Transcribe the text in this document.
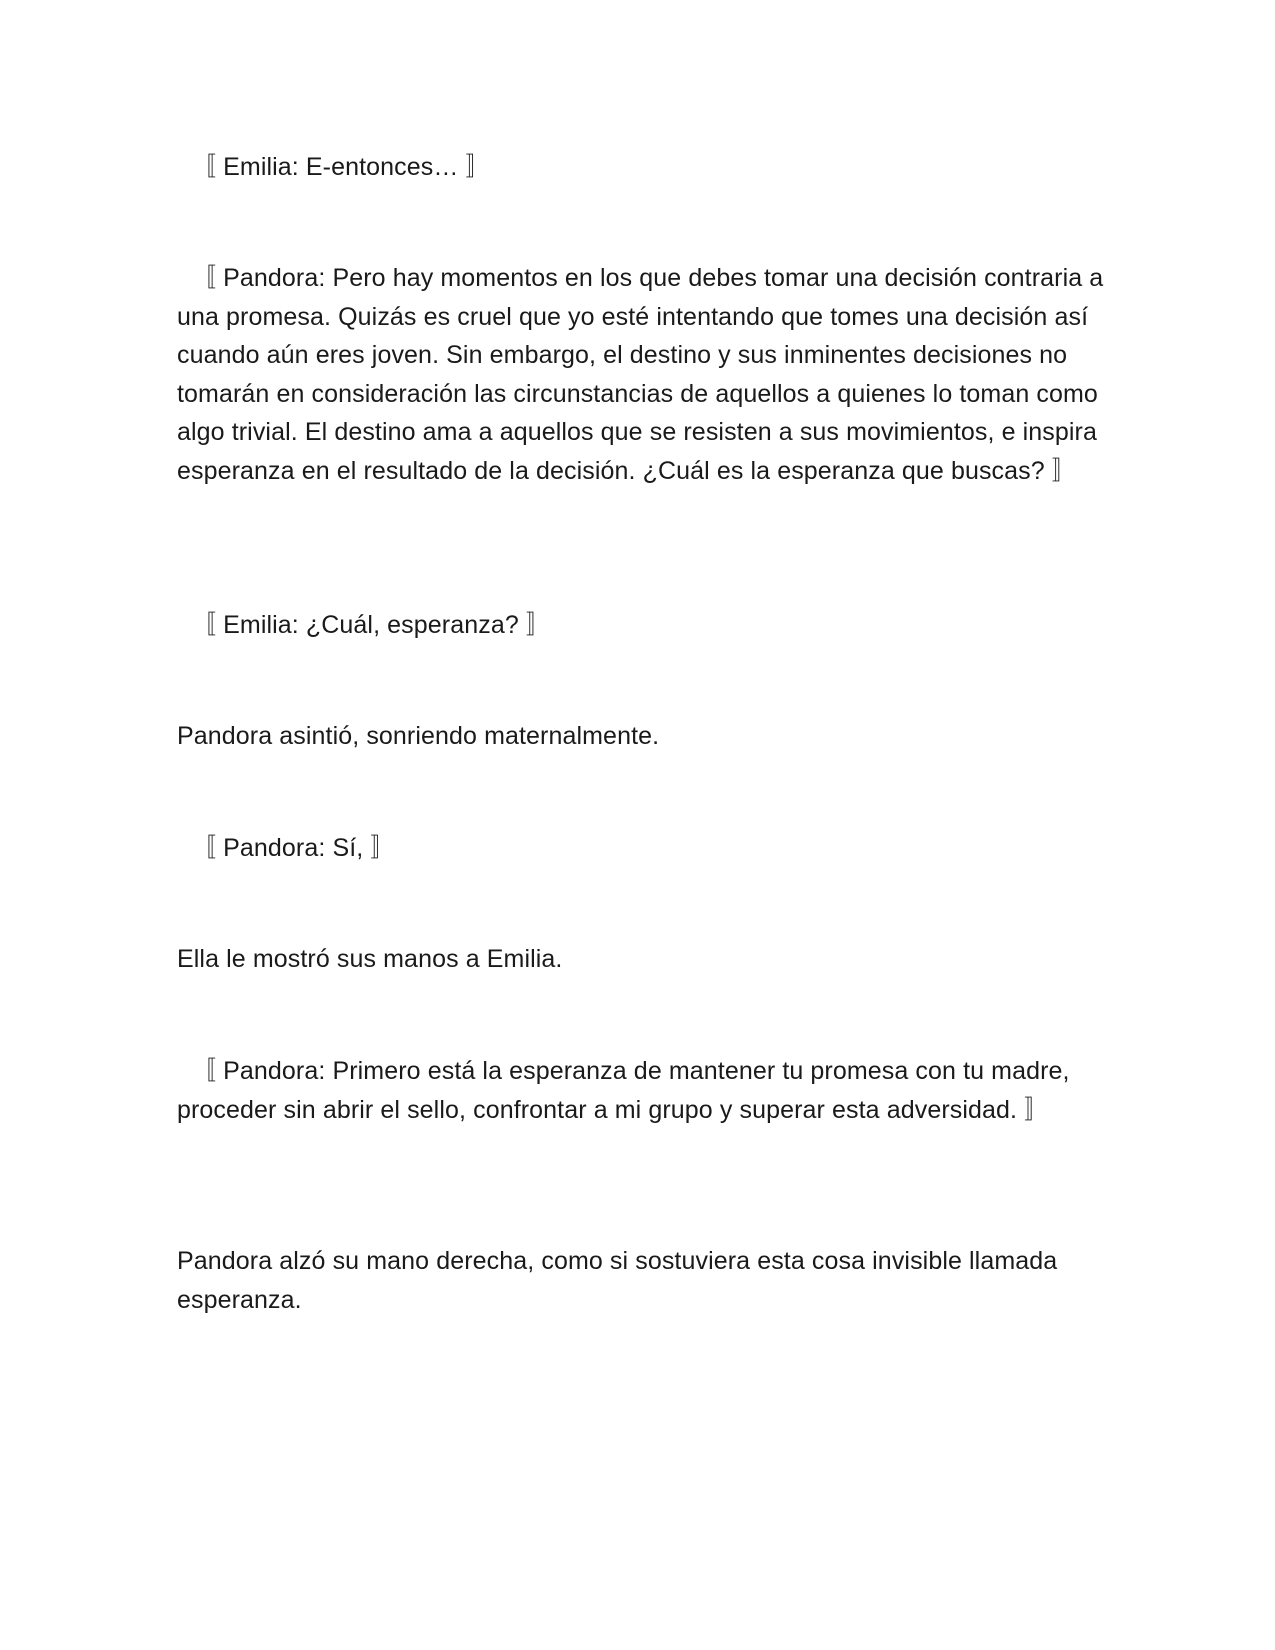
〚 Emilia: E-entonces… 〛

〚 Pandora: Pero hay momentos en los que debes tomar una decisión contraria a una promesa. Quizás es cruel que yo esté intentando que tomes una decisión así cuando aún eres joven. Sin embargo, el destino y sus inminentes decisiones no tomarán en consideración las circunstancias de aquellos a quienes lo toman como algo trivial. El destino ama a aquellos que se resisten a sus movimientos, e inspira esperanza en el resultado de la decisión. ¿Cuál es la esperanza que buscas? 〛

〚 Emilia: ¿Cuál, esperanza? 〛

Pandora asintió, sonriendo maternalmente.

〚 Pandora: Sí, 〛

Ella le mostró sus manos a Emilia.

〚 Pandora: Primero está la esperanza de mantener tu promesa con tu madre, proceder sin abrir el sello, confrontar a mi grupo y superar esta adversidad. 〛

Pandora alzó su mano derecha, como si sostuviera esta cosa invisible llamada esperanza.
